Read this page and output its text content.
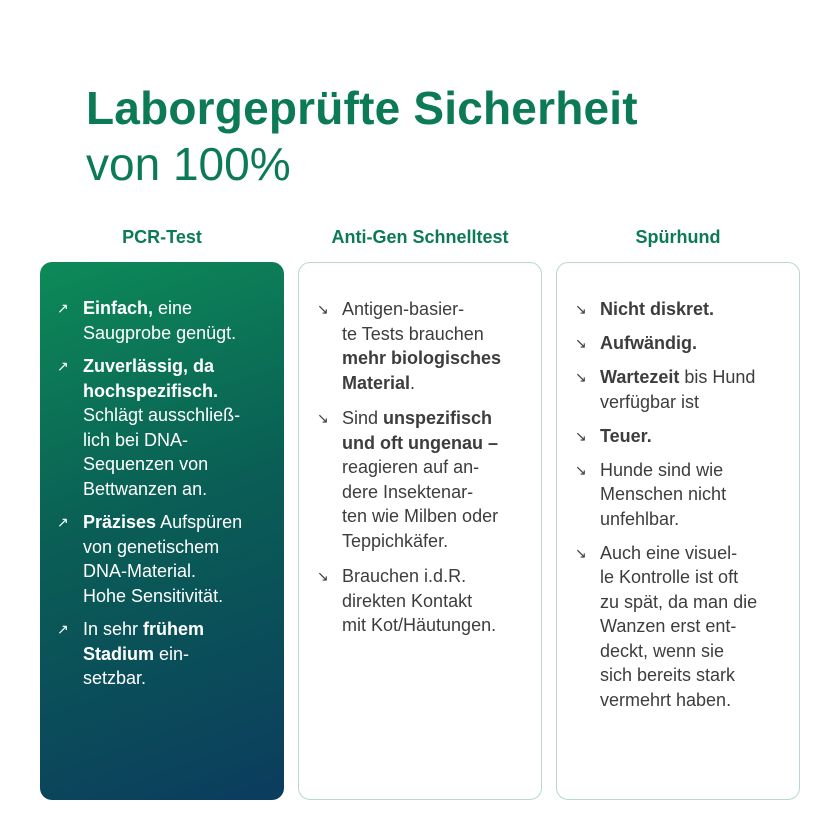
Laborgeprüfte Sicherheit
von 100%
PCR-Test	Anti-Gen Schnelltest	Spürhund
↗ Einfach, eine
Saugprobe genügt.
↗ Zuverlässig, da
hochspezifisch.
Schlägt ausschließ-
lich bei DNA-
Sequenzen von
Bettwanzen an.
↗ Präzises Aufspüren
von genetischem
DNA-Material.
Hohe Sensitivität.
↗ In sehr frühem
Stadium ein-
setzbar.
↘ Antigen-basier-
te Tests brauchen
mehr biologisches
Material.
↘ Sind unspezifisch
und oft ungenau –
reagieren auf an-
dere Insektenar-
ten wie Milben oder
Teppichkäfer.
↘ Brauchen i.d.R.
direkten Kontakt
mit Kot/Häutungen.
↘ Nicht diskret.
↘ Aufwändig.
↘ Wartezeit bis Hund
verfügbar ist
↘ Teuer.
↘ Hunde sind wie
Menschen nicht
unfehlbar.
↘ Auch eine visuel-
le Kontrolle ist oft
zu spät, da man die
Wanzen erst ent-
deckt, wenn sie
sich bereits stark
vermehrt haben.
